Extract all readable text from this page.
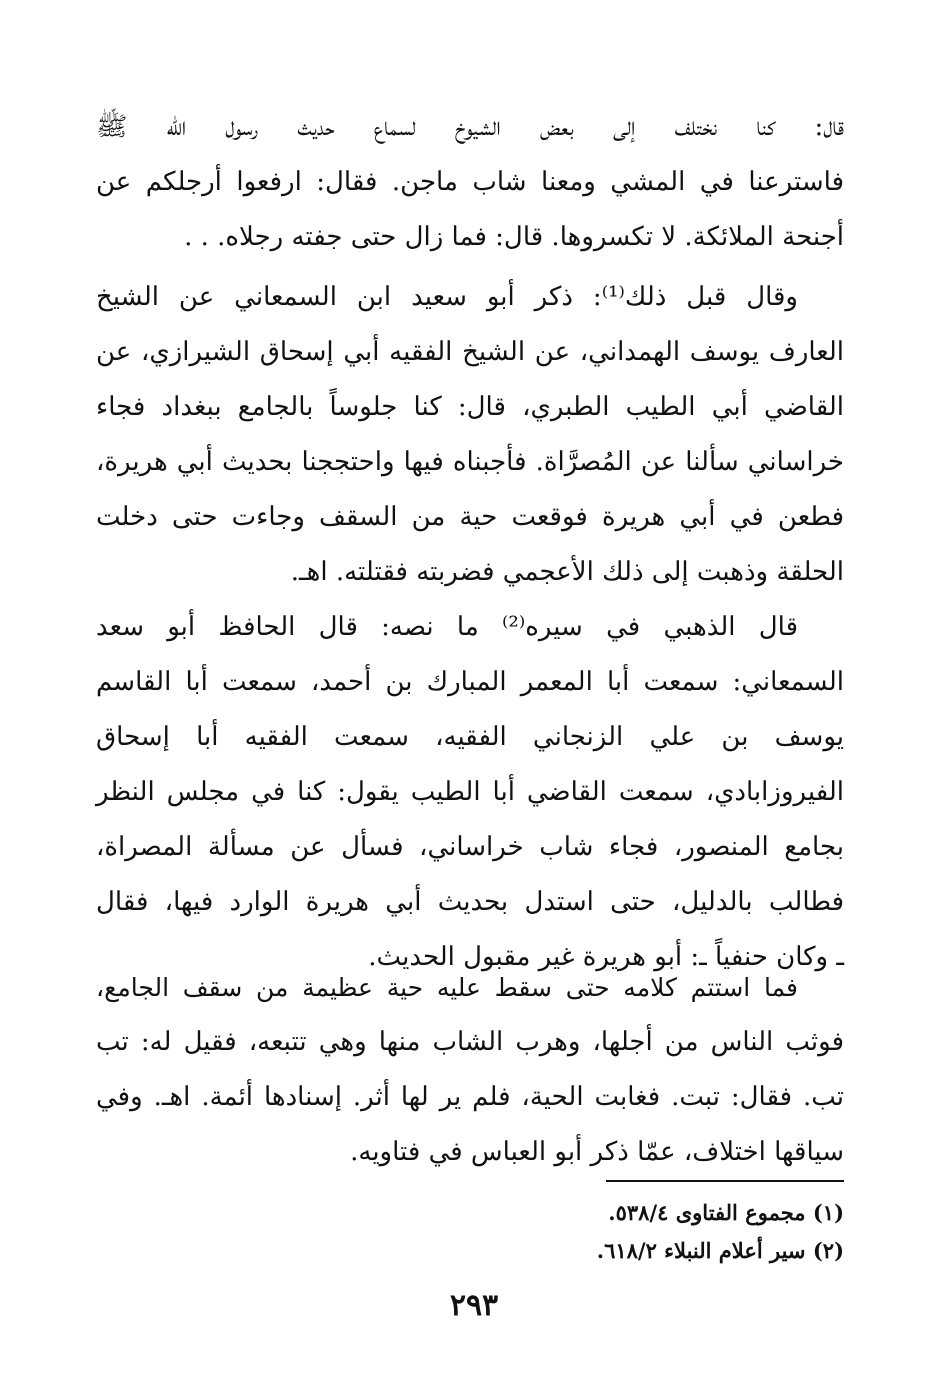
قال: كنا نختلف إلى بعض الشيوخ لسماع حديث رسول الله ﷺ
فاسترعنا في المشي ومعنا شاب ماجن. فقال: ارفعوا أرجلكم عن
أجنحة الملائكة. لا تكسروها. قال: فما زال حتى جفته رجلاه. . .
وقال قبل ذلك⁽¹⁾: ذكر أبو سعيد ابن السمعاني عن الشيخ
العارف يوسف الهمداني، عن الشيخ الفقيه أبي إسحاق الشيرازي، عن
القاضي أبي الطيب الطبري، قال: كنا جلوساً بالجامع ببغداد فجاء
خراساني سألنا عن المُصرَّاة. فأجبناه فيها واحتججنا بحديث أبي هريرة،
فطعن في أبي هريرة فوقعت حية من السقف وجاءت حتى دخلت
الحلقة وذهبت إلى ذلك الأعجمي فضربته فقتلته. اهـ.
قال الذهبي في سيره⁽²⁾ ما نصه: قال الحافظ أبو سعد
السمعاني: سمعت أبا المعمر المبارك بن أحمد، سمعت أبا القاسم
يوسف بن علي الزنجاني الفقيه، سمعت الفقيه أبا إسحاق
الفيروزابادي، سمعت القاضي أبا الطيب يقول: كنا في مجلس النظر
بجامع المنصور، فجاء شاب خراساني، فسأل عن مسألة المصراة،
فطالب بالدليل، حتى استدل بحديث أبي هريرة الوارد فيها، فقال
ـ وكان حنفياً ـ: أبو هريرة غير مقبول الحديث.
فما استتم كلامه حتى سقط عليه حية عظيمة من سقف الجامع،
فوثب الناس من أجلها، وهرب الشاب منها وهي تتبعه، فقيل له: تب
تب. فقال: تبت. فغابت الحية، فلم ير لها أثر. إسنادها أئمة. اهـ. وفي
سياقها اختلاف، عمّا ذكر أبو العباس في فتاويه.
(١) مجموع الفتاوى ٥٣٨/٤.
(٢) سير أعلام النبلاء ٦١٨/٢.
٢٩٣
